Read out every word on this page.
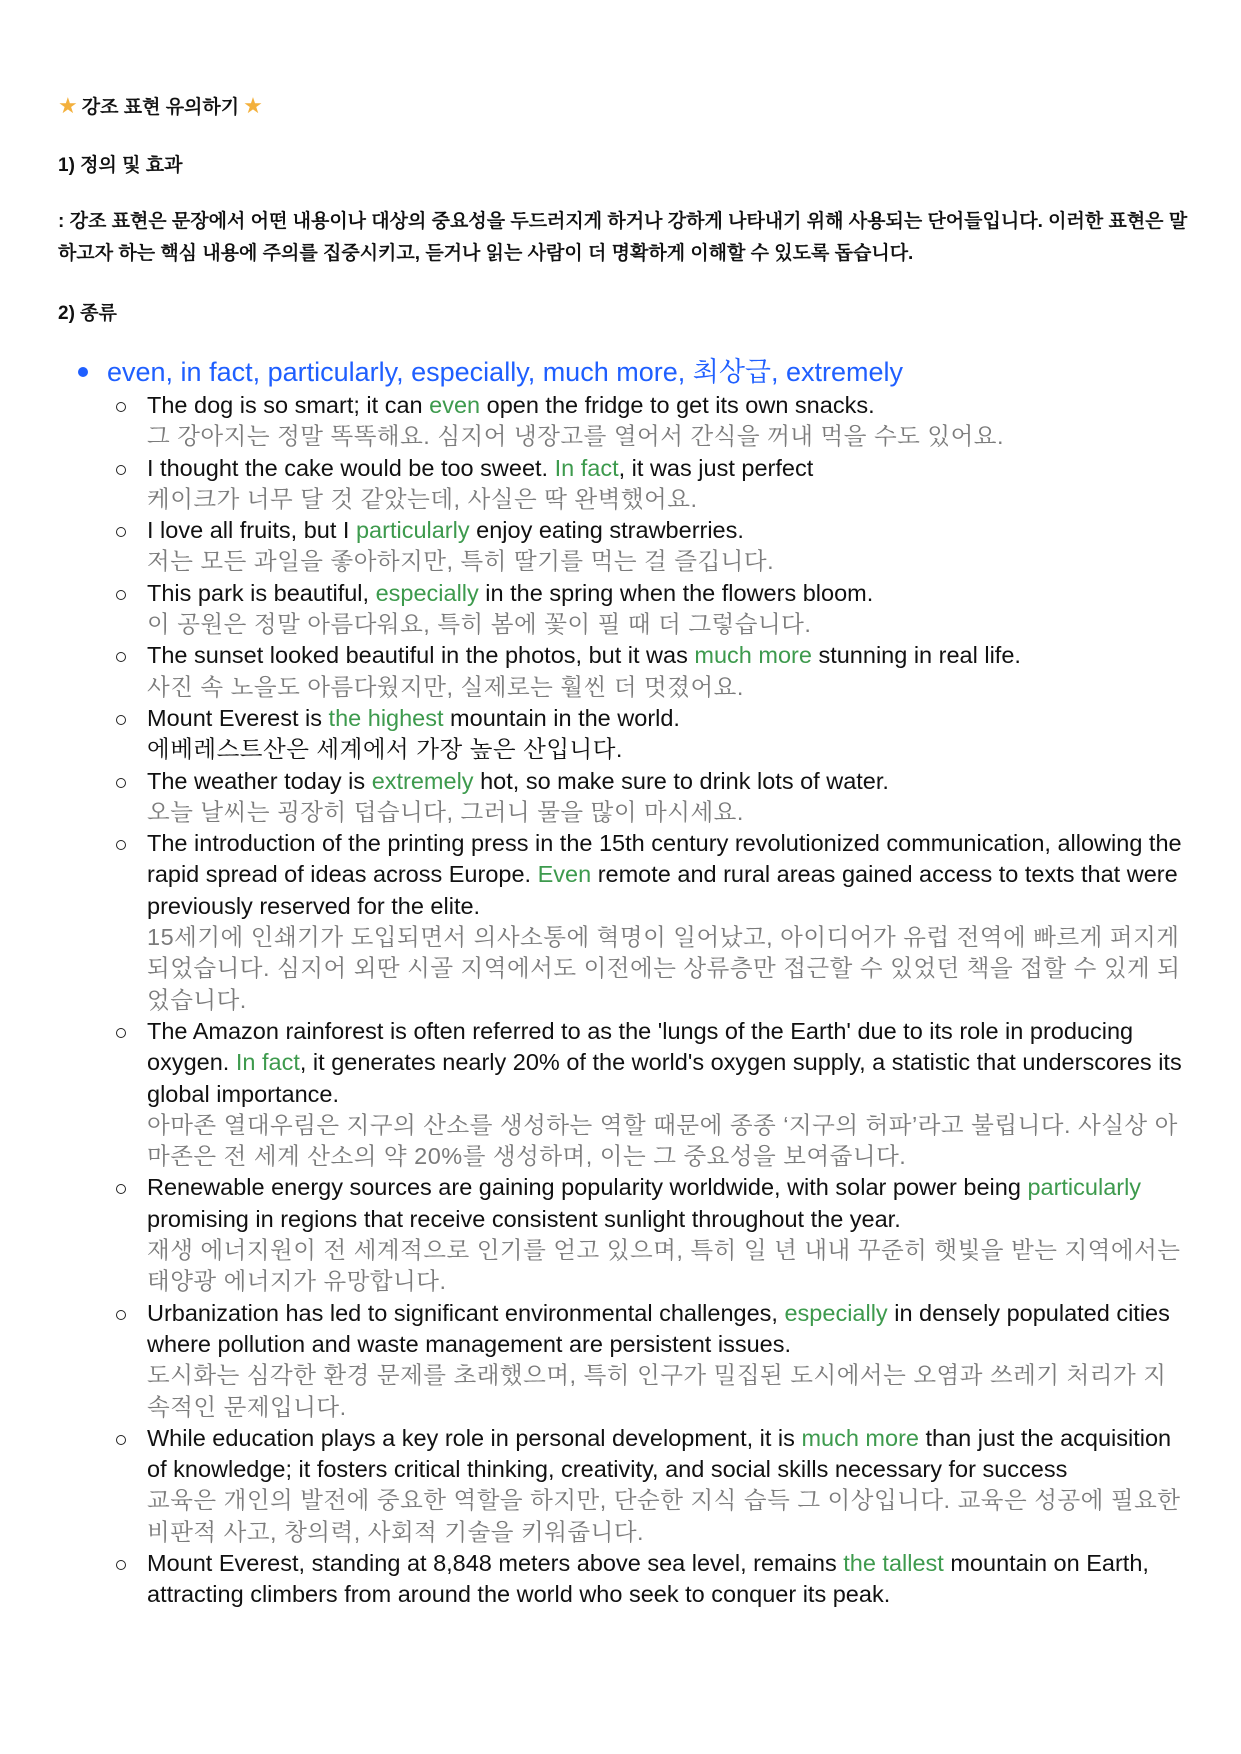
★ 강조 표현 유의하기 ★
1) 정의 및 효과
: 강조 표현은 문장에서 어떤 내용이나 대상의 중요성을 두드러지게 하거나 강하게 나타내기 위해 사용되는 단어들입니다. 이러한 표현은 말하고자 하는 핵심 내용에 주의를 집중시키고, 듣거나 읽는 사람이 더 명확하게 이해할 수 있도록 돕습니다.
2) 종류
even, in fact, particularly, especially, much more, 최상급, extremely
The dog is so smart; it can even open the fridge to get its own snacks.
그 강아지는 정말 똑똑해요. 심지어 냉장고를 열어서 간식을 꺼내 먹을 수도 있어요.
I thought the cake would be too sweet. In fact, it was just perfect
케이크가 너무 달 것 같았는데, 사실은 딱 완벽했어요.
I love all fruits, but I particularly enjoy eating strawberries.
저는 모든 과일을 좋아하지만, 특히 딸기를 먹는 걸 즐깁니다.
This park is beautiful, especially in the spring when the flowers bloom.
이 공원은 정말 아름다워요, 특히 봄에 꽃이 필 때 더 그렇습니다.
The sunset looked beautiful in the photos, but it was much more stunning in real life.
사진 속 노을도 아름다웠지만, 실제로는 훨씬 더 멋졌어요.
Mount Everest is the highest mountain in the world.
에베레스트산은 세계에서 가장 높은 산입니다.
The weather today is extremely hot, so make sure to drink lots of water.
오늘 날씨는 굉장히 덥습니다, 그러니 물을 많이 마시세요.
The introduction of the printing press in the 15th century revolutionized communication, allowing the rapid spread of ideas across Europe. Even remote and rural areas gained access to texts that were previously reserved for the elite.
15세기에 인쇄기가 도입되면서 의사소통에 혁명이 일어났고, 아이디어가 유럽 전역에 빠르게 퍼지게 되었습니다. 심지어 외딴 시골 지역에서도 이전에는 상류층만 접근할 수 있었던 책을 접할 수 있게 되었습니다.
The Amazon rainforest is often referred to as the 'lungs of the Earth' due to its role in producing oxygen. In fact, it generates nearly 20% of the world's oxygen supply, a statistic that underscores its global importance.
아마존 열대우림은 지구의 산소를 생성하는 역할 때문에 종종 ‘지구의 허파’라고 불립니다. 사실상 아마존은 전 세계 산소의 약 20%를 생성하며, 이는 그 중요성을 보여줍니다.
Renewable energy sources are gaining popularity worldwide, with solar power being particularly promising in regions that receive consistent sunlight throughout the year.
재생 에너지원이 전 세계적으로 인기를 얻고 있으며, 특히 일 년 내내 꾸준히 햇빛을 받는 지역에서는 태양광 에너지가 유망합니다.
Urbanization has led to significant environmental challenges, especially in densely populated cities where pollution and waste management are persistent issues.
도시화는 심각한 환경 문제를 초래했으며, 특히 인구가 밀집된 도시에서는 오염과 쓰레기 처리가 지속적인 문제입니다.
While education plays a key role in personal development, it is much more than just the acquisition of knowledge; it fosters critical thinking, creativity, and social skills necessary for success
교육은 개인의 발전에 중요한 역할을 하지만, 단순한 지식 습득 그 이상입니다. 교육은 성공에 필요한 비판적 사고, 창의력, 사회적 기술을 키워줍니다.
Mount Everest, standing at 8,848 meters above sea level, remains the tallest mountain on Earth, attracting climbers from around the world who seek to conquer its peak.
